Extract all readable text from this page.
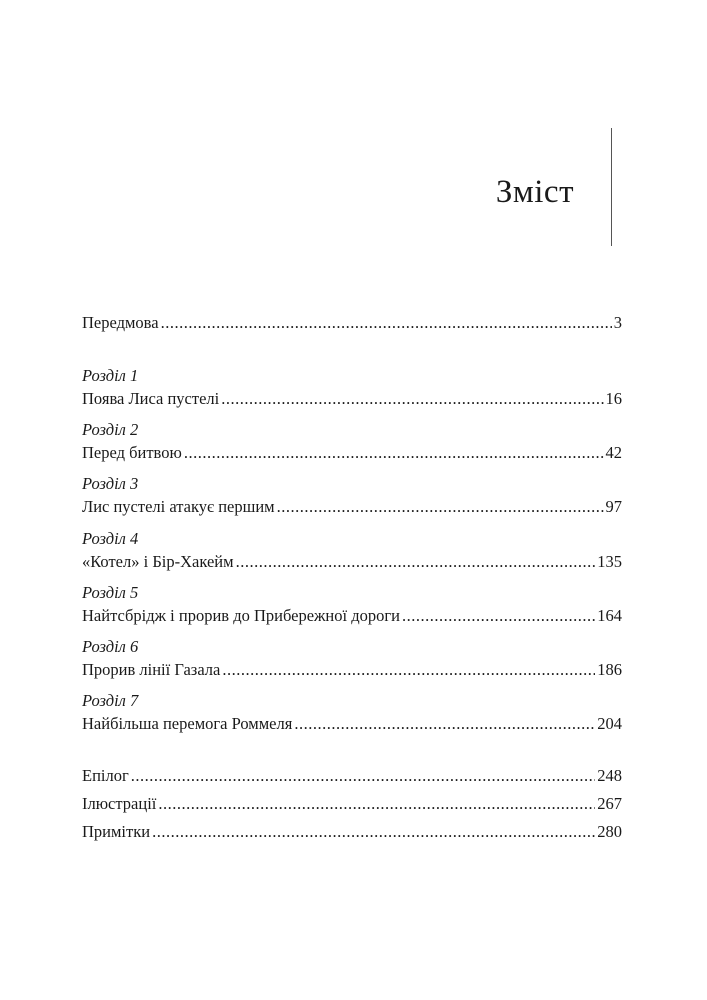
Зміст
Передмова .....	3
Розділ 1
Поява Лиса пустелі .....	16
Розділ 2
Перед битвою .....	42
Розділ 3
Лис пустелі атакує першим .....	97
Розділ 4
«Котел» і Бір-Хакейм .....	135
Розділ 5
Найтсбрідж і прорив до Прибережної дороги .....	164
Розділ 6
Прорив лінії Газала .....	186
Розділ 7
Найбільша перемога Роммеля .....	204
Епілог .....	248
Ілюстрації .....	267
Примітки .....	280
